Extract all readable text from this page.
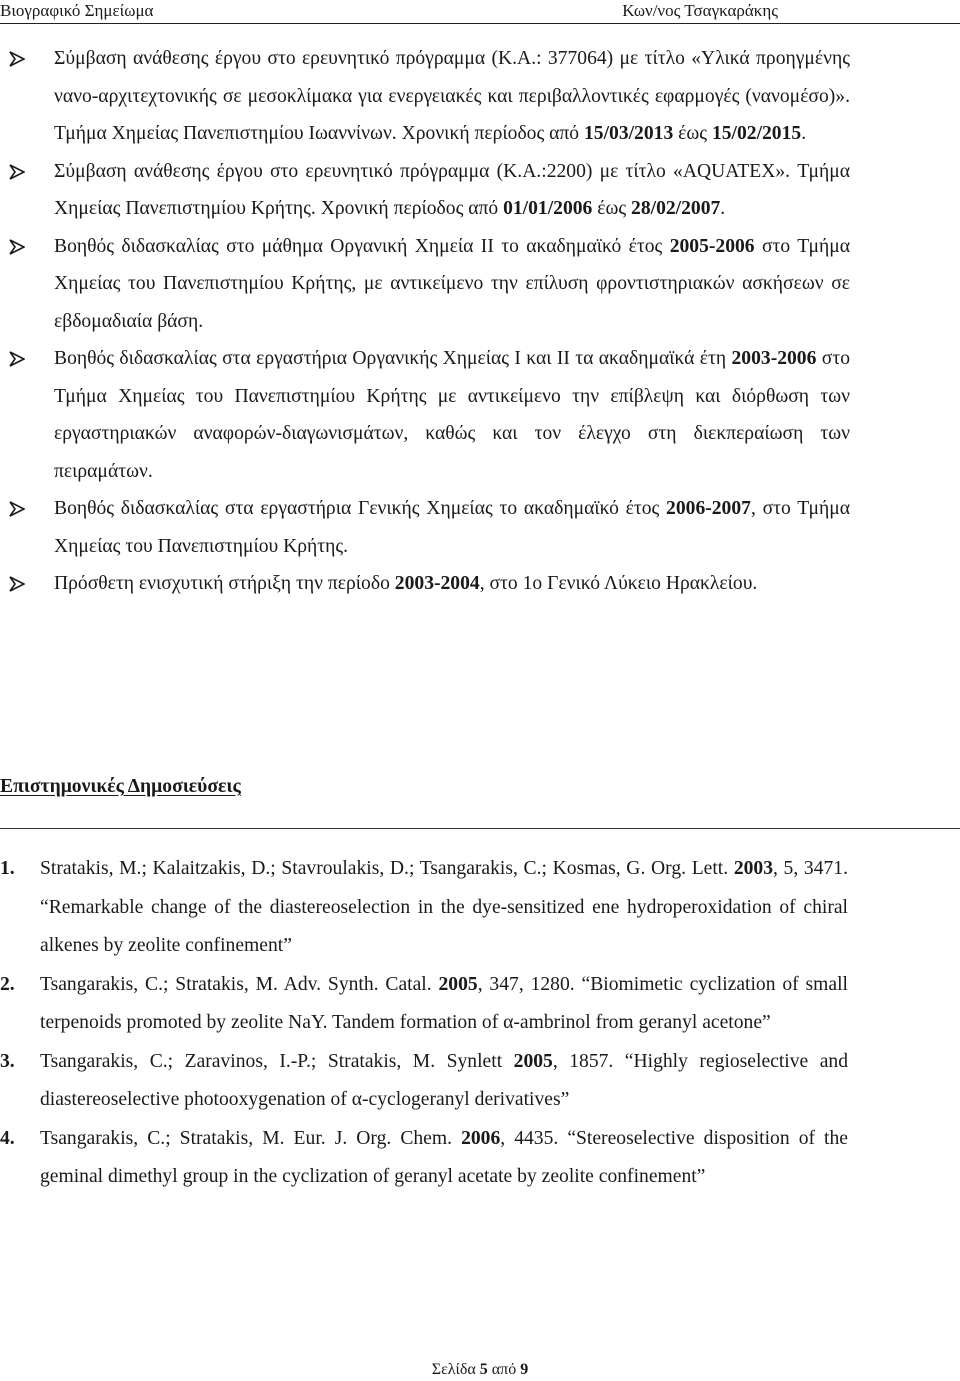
Βιογραφικό Σημείωμα	Κων/νος Τσαγκαράκης
Σύμβαση ανάθεσης έργου στο ερευνητικό πρόγραμμα (Κ.Α.: 377064) με τίτλο «Υλικά προηγμένης νανο-αρχιτεχτονικής σε μεσοκλίμακα για ενεργειακές και περιβαλλοντικές εφαρμογές (νανομέσο)». Τμήμα Χημείας Πανεπιστημίου Ιωαννίνων. Χρονική περίοδος από 15/03/2013 έως 15/02/2015.
Σύμβαση ανάθεσης έργου στο ερευνητικό πρόγραμμα (Κ.Α.:2200) με τίτλο «AQUATEX». Τμήμα Χημείας Πανεπιστημίου Κρήτης. Χρονική περίοδος από 01/01/2006 έως 28/02/2007.
Βοηθός διδασκαλίας στο μάθημα Οργανική Χημεία ΙΙ το ακαδημαϊκό έτος 2005-2006 στο Τμήμα Χημείας του Πανεπιστημίου Κρήτης, με αντικείμενο την επίλυση φροντιστηριακών ασκήσεων σε εβδομαδιαία βάση.
Βοηθός διδασκαλίας στα εργαστήρια Οργανικής Χημείας Ι και ΙΙ τα ακαδημαϊκά έτη 2003-2006 στο Τμήμα Χημείας του Πανεπιστημίου Κρήτης με αντικείμενο την επίβλεψη και διόρθωση των εργαστηριακών αναφορών-διαγωνισμάτων, καθώς και τον έλεγχο στη διεκπεραίωση των πειραμάτων.
Βοηθός διδασκαλίας στα εργαστήρια Γενικής Χημείας το ακαδημαϊκό έτος 2006-2007, στο Τμήμα Χημείας του Πανεπιστημίου Κρήτης.
Πρόσθετη ενισχυτική στήριξη την περίοδο 2003-2004, στο 1ο Γενικό Λύκειο Ηρακλείου.
Επιστημονικές Δημοσιεύσεις
1. Stratakis, M.; Kalaitzakis, D.; Stavroulakis, D.; Tsangarakis, C.; Kosmas, G. Org. Lett. 2003, 5, 3471. “Remarkable change of the diastereoselection in the dye-sensitized ene hydroperoxidation of chiral alkenes by zeolite confinement”
2. Tsangarakis, C.; Stratakis, M. Adv. Synth. Catal. 2005, 347, 1280. “Biomimetic cyclization of small terpenoids promoted by zeolite NaY. Tandem formation of α-ambrinol from geranyl acetone”
3. Tsangarakis, C.; Zaravinos, I.-P.; Stratakis, M. Synlett 2005, 1857. “Highly regioselective and diastereoselective photooxygenation of α-cyclogeranyl derivatives”
4. Tsangarakis, C.; Stratakis, M. Eur. J. Org. Chem. 2006, 4435. “Stereoselective disposition of the geminal dimethyl group in the cyclization of geranyl acetate by zeolite confinement”
Σελίδα 5 από 9
